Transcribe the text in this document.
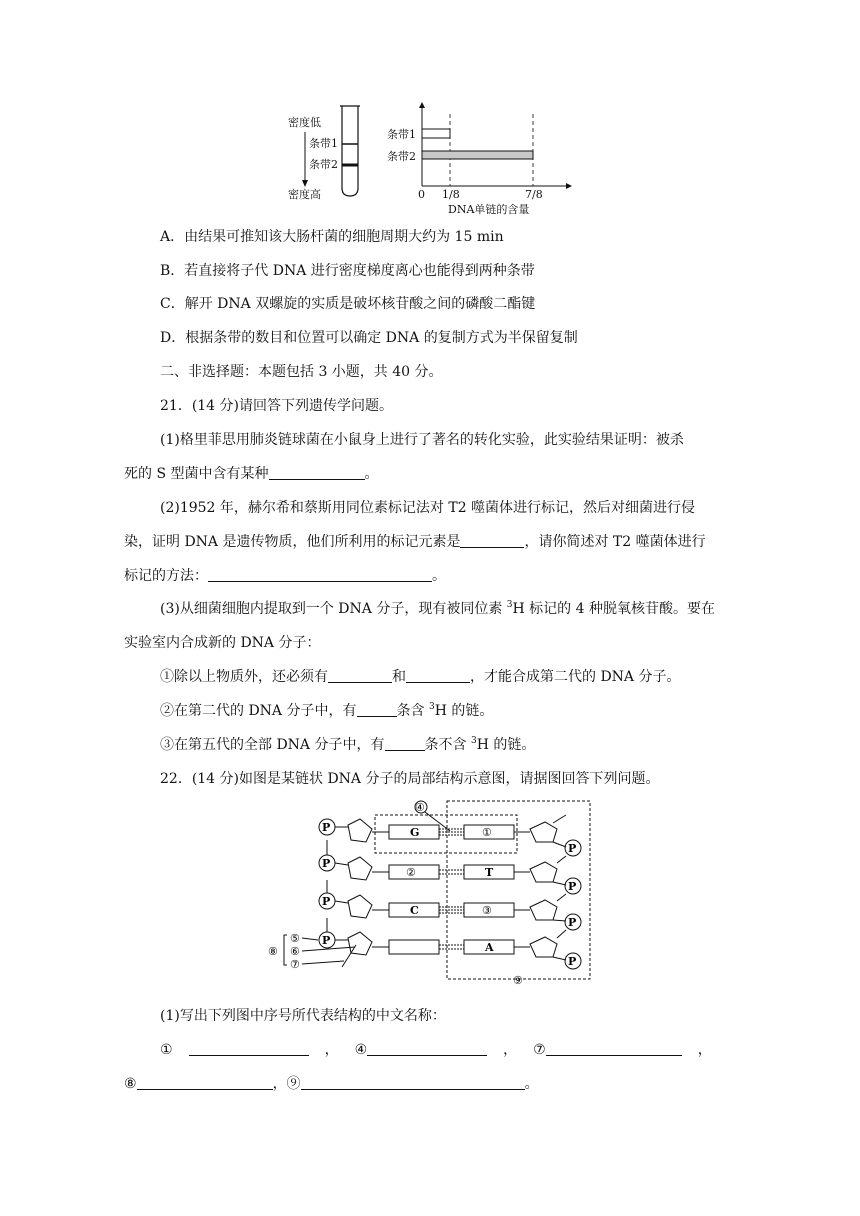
密度低
条带1
条带2
密度高
条带1
条带2
0 1/8	7/8
DNA单链的含量
A．由结果可推知该大肠杆菌的细胞周期大约为 15 min
B．若直接将子代 DNA 进行密度梯度离心也能得到两种条带
C．解开 DNA 双螺旋的实质是破坏核苷酸之间的磷酸二酯键
D．根据条带的数目和位置可以确定 DNA 的复制方式为半保留复制
二、非选择题：本题包括 3 小题，共 40 分。
21．(14 分)请回答下列遗传学问题。
(1)格里菲思用肺炎链球菌在小鼠身上进行了著名的转化实验，此实验结果证明：被杀
死的 S 型菌中含有某种	。
(2)1952 年，赫尔希和蔡斯用同位素标记法对 T2 噬菌体进行标记，然后对细菌进行侵
染，证明 DNA 是遗传物质，他们所利用的标记元素是	，请你简述对 T2 噬菌体进行
标记的方法：	。
(3)从细菌细胞内提取到一个 DNA 分子，现有被同位素 $^3$H 标记的 4 种脱氧核苷酸。要在
实验室内合成新的 DNA 分子：
①除以上物质外，还必须有	和	，才能合成第二代的 DNA 分子。
②在第二代的 DNA 分子中，有	条含 $^3$H 的链。
③在第五代的全部 DNA 分子中，有	条不含 $^3$H 的链。
22．(14 分)如图是某链状 DNA 分子的局部结构示意图，请据图回答下列问题。
④
P	G	①
P
P
②	T
P
P
C	③
P
P
A
P
⑤
⑥
⑦
⑧
⑨
(1)写出下列图中序号所代表结构的中文名称：
①	， ④	， ⑦	，
⑧	，⑨	。
